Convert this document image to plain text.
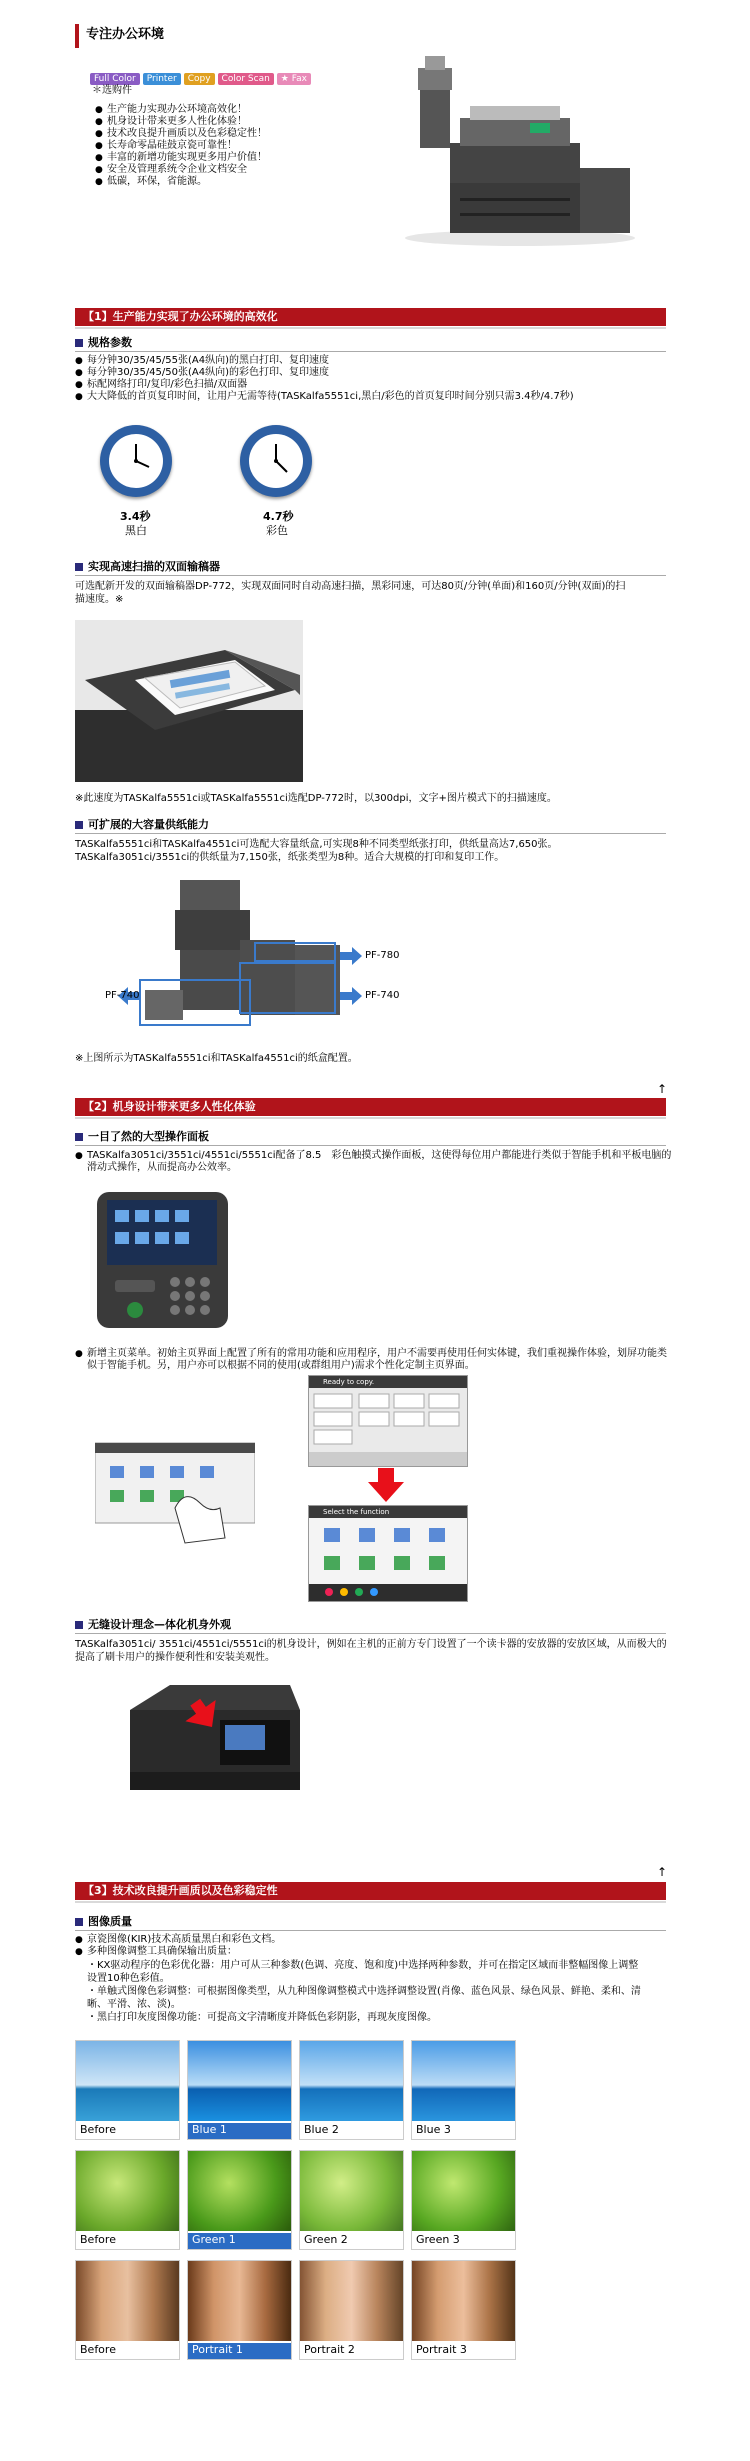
专注办公环境
Full Color Printer Copy Color Scan ★ Fax
＊选购件
● 生产能力实现办公环境高效化！
● 机身设计带来更多人性化体验！
● 技术改良提升画质以及色彩稳定性！
● 长寿命零晶硅鼓京瓷可靠性！
● 丰富的新增功能实现更多用户价值！
● 安全及管理系统令企业文档安全
● 低碳，环保，省能源。
【1】生产能力实现了办公环境的高效化
规格参数
● 每分钟30/35/45/55张(A4纵向)的黑白打印、复印速度
● 每分钟30/35/45/50张(A4纵向)的彩色打印、复印速度
● 标配网络打印/复印/彩色扫描/双面器
● 大大降低的首页复印时间，让用户无需等待(TASKalfa5551ci,黑白/彩色的首页复印时间分别只需3.4秒/4.7秒)
3.4秒
黑白
4.7秒
彩色
实现高速扫描的双面输稿器
可选配新开发的双面输稿器DP-772，实现双面同时自动高速扫描，黑彩同速，可达80页/分钟(单面)和160页/分钟(双面)的扫描速度。※
※此速度为TASKalfa5551ci或TASKalfa5551ci选配DP-772时，以300dpi，文字+图片模式下的扫描速度。
可扩展的大容量供纸能力
TASKalfa5551ci和TASKalfa4551ci可选配大容量纸盒,可实现8种不同类型纸张打印，供纸量高达7,650张。TASKalfa3051ci/3551ci的供纸量为7,150张，纸张类型为8种。适合大规模的打印和复印工作。
PF-780
PF-740
PF-740
※上图所示为TASKalfa5551ci和TASKalfa4551ci的纸盒配置。
↑
【2】机身设计带来更多人性化体验
一目了然的大型操作面板
● TASKalfa3051ci/3551ci/4551ci/5551ci配备了8.5　彩色触摸式操作面板，这使得每位用户都能进行类似于智能手机和平板电脑的滑动式操作，从而提高办公效率。
● 新增主页菜单。初始主页界面上配置了所有的常用功能和应用程序，用户不需要再使用任何实体键，我们重视操作体验，划屏功能类似于智能手机。另，用户亦可以根据不同的使用(或群组用户)需求个性化定制主页界面。
Ready to copy.
Select the function
无缝设计理念—体化机身外观
TASKalfa3051ci/ 3551ci/4551ci/5551ci的机身设计，例如在主机的正前方专门设置了一个读卡器的安放器的安放区域，从而极大的提高了刷卡用户的操作便利性和安装美观性。
↑
【3】技术改良提升画质以及色彩稳定性
图像质量
● 京瓷图像(KIR)技术高质量黑白和彩色文档。
● 多种图像调整工具确保输出质量：
・KX驱动程序的色彩优化器：用户可从三种参数(色调、亮度、饱和度)中选择两种参数，并可在指定区域而非整幅图像上调整设置10种色彩值。
・单触式图像色彩调整：可根据图像类型，从九种图像调整模式中选择调整设置(肖像、蓝色风景、绿色风景、鲜艳、柔和、清晰、平滑、浓、淡)。
・黑白打印灰度图像功能：可提高文字清晰度并降低色彩阴影，再现灰度图像。
Before	Blue 1	Blue 2	Blue 3
Before	Green 1	Green 2	Green 3
Before	Portrait 1	Portrait 2	Portrait 3
